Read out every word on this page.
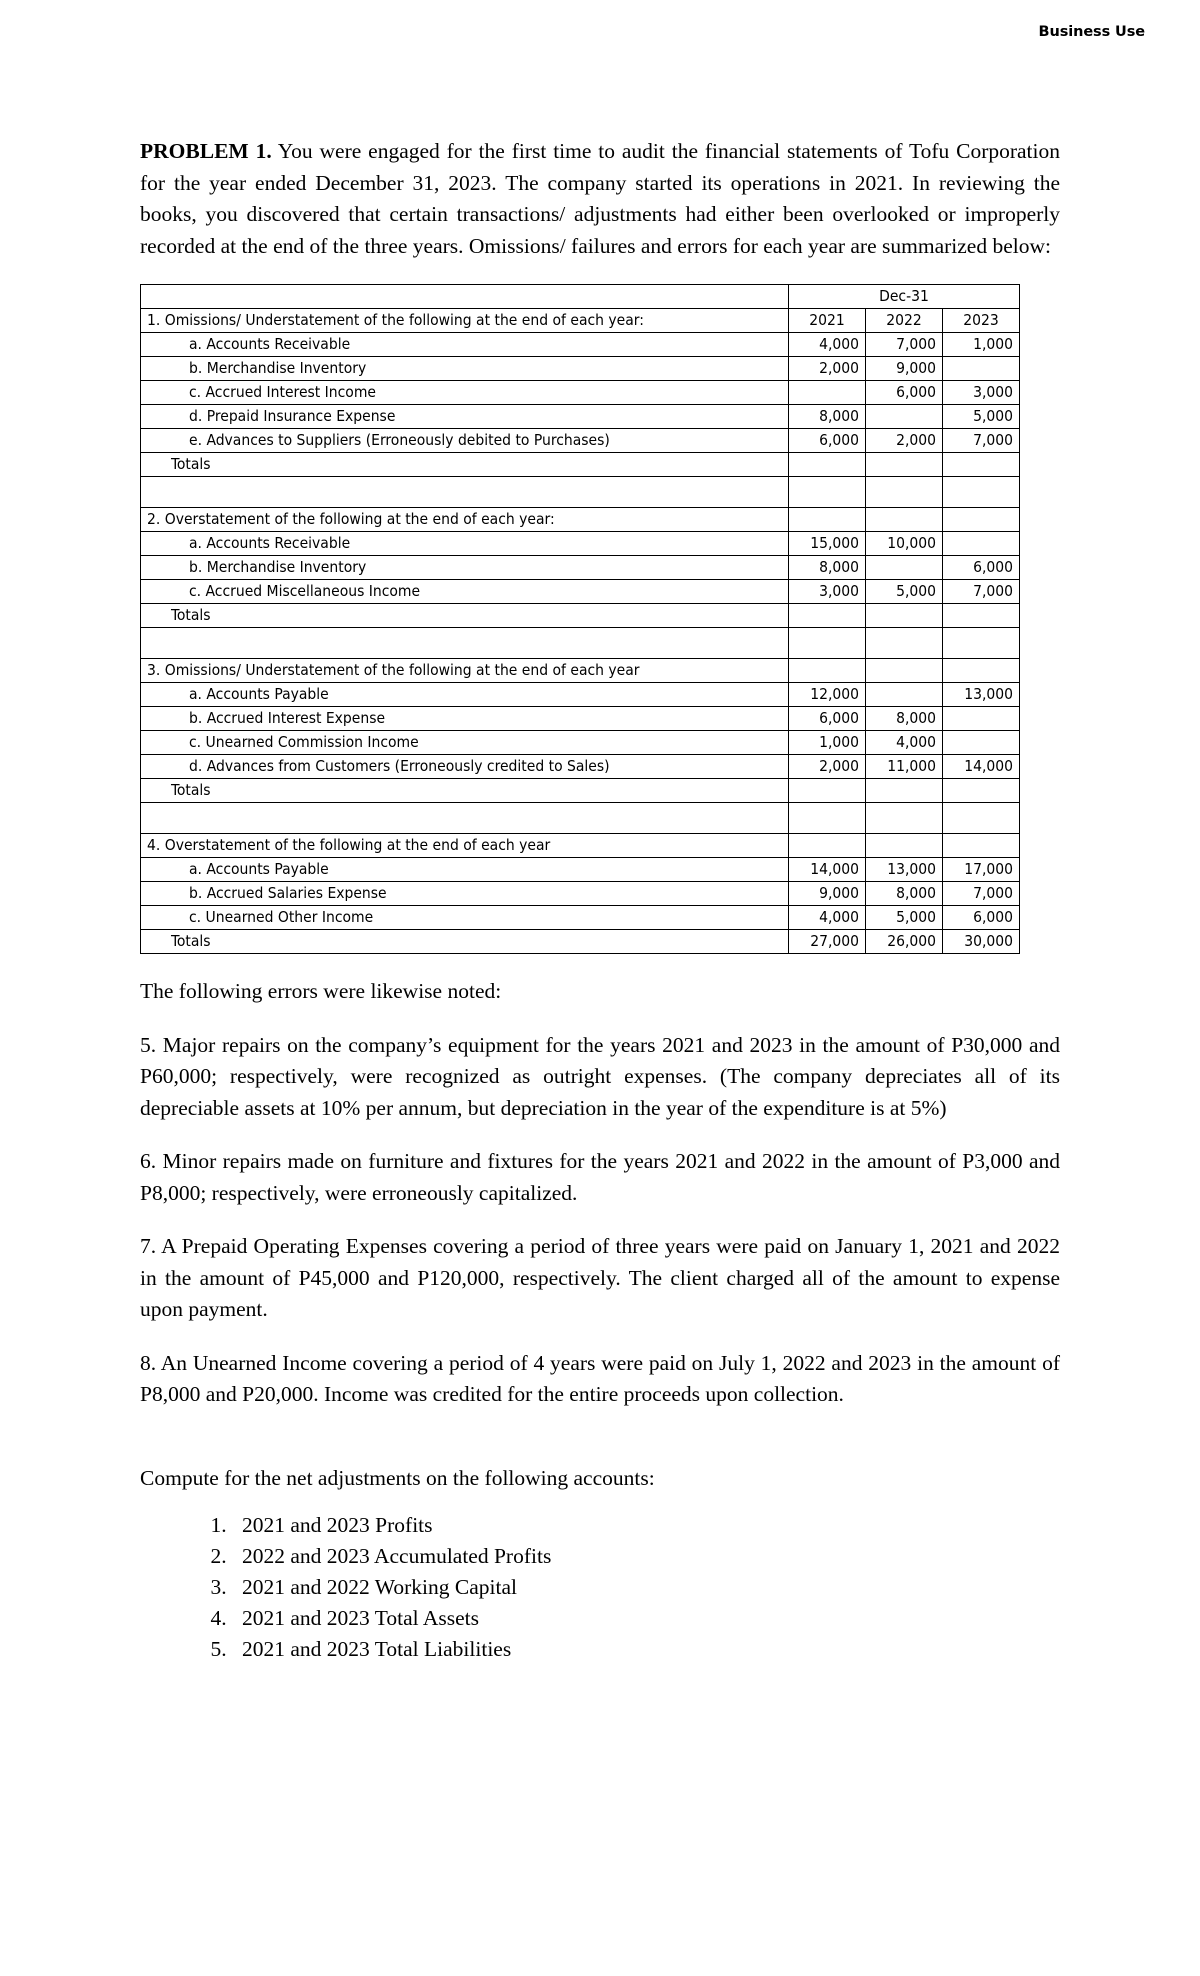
Business Use

PROBLEM 1. You were engaged for the first time to audit the financial statements of Tofu Corporation for the year ended December 31, 2023. The company started its operations in 2021. In reviewing the books, you discovered that certain transactions/ adjustments had either been overlooked or improperly recorded at the end of the three years. Omissions/ failures and errors for each year are summarized below:

	Dec-31		
1. Omissions/ Understatement of the following at the end of each year:	2021	2022	2023
a. Accounts Receivable	4,000	7,000	1,000
b. Merchandise Inventory	2,000	9,000	
c. Accrued Interest Income		6,000	3,000
d. Prepaid Insurance Expense	8,000		5,000
e. Advances to Suppliers (Erroneously debited to Purchases)	6,000	2,000	7,000
Totals			

2. Overstatement of the following at the end of each year:			
a. Accounts Receivable	15,000	10,000	
b. Merchandise Inventory	8,000		6,000
c. Accrued Miscellaneous Income	3,000	5,000	7,000
Totals			

3. Omissions/ Understatement of the following at the end of each year			
a. Accounts Payable	12,000		13,000
b. Accrued Interest Expense	6,000	8,000	
c. Unearned Commission Income	1,000	4,000	
d. Advances from Customers (Erroneously credited to Sales)	2,000	11,000	14,000
Totals			

4. Overstatement of the following at the end of each year			
a. Accounts Payable	14,000	13,000	17,000
b. Accrued Salaries Expense	9,000	8,000	7,000
c. Unearned Other Income	4,000	5,000	6,000
Totals	27,000	26,000	30,000

The following errors were likewise noted:

5. Major repairs on the company’s equipment for the years 2021 and 2023 in the amount of P30,000 and P60,000; respectively, were recognized as outright expenses. (The company depreciates all of its depreciable assets at 10% per annum, but depreciation in the year of the expenditure is at 5%)

6. Minor repairs made on furniture and fixtures for the years 2021 and 2022 in the amount of P3,000 and P8,000; respectively, were erroneously capitalized.

7. A Prepaid Operating Expenses covering a period of three years were paid on January 1, 2021 and 2022 in the amount of P45,000 and P120,000, respectively. The client charged all of the amount to expense upon payment.

8. An Unearned Income covering a period of 4 years were paid on July 1, 2022 and 2023 in the amount of P8,000 and P20,000. Income was credited for the entire proceeds upon collection.

Compute for the net adjustments on the following accounts:

1. 2021 and 2023 Profits
2. 2022 and 2023 Accumulated Profits
3. 2021 and 2022 Working Capital
4. 2021 and 2023 Total Assets
5. 2021 and 2023 Total Liabilities
